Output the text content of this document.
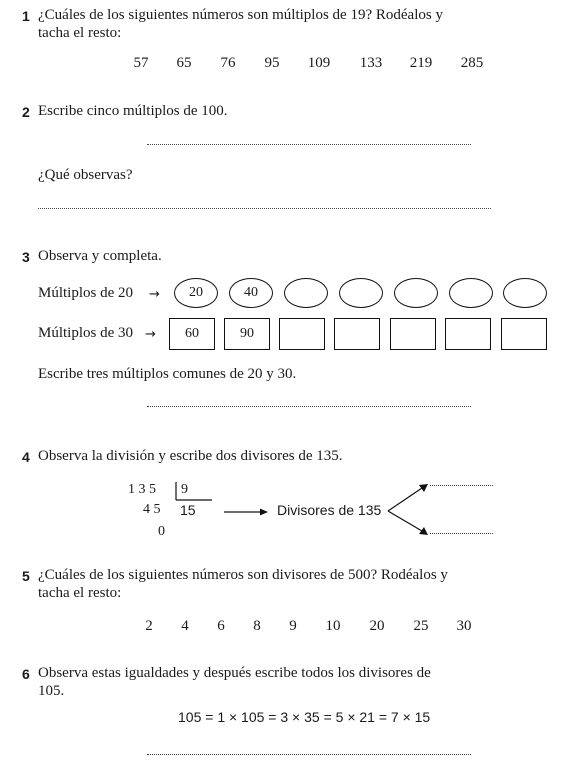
1 ¿Cuáles de los siguientes números son múltiplos de 19? Rodéalos y
tacha el resto:
57 65 76 95 109 133 219 285
2 Escribe cinco múltiplos de 100.
¿Qué observas?
3 Observa y completa.
Múltiplos de 20 →	20	40
Múltiplos de 30 →	60	90
Escribe tres múltiplos comunes de 20 y 30.
4 Observa la división y escribe dos divisores de 135.
1 3 5 9
4 5 15
0
Divisores de 135
5 ¿Cuáles de los siguientes números son divisores de 500? Rodéalos y
tacha el resto:
2 4 6 8 9 10 20 25 30
6 Observa estas igualdades y después escribe todos los divisores de
105.
105 = 1 × 105 = 3 × 35 = 5 × 21 = 7 × 15
